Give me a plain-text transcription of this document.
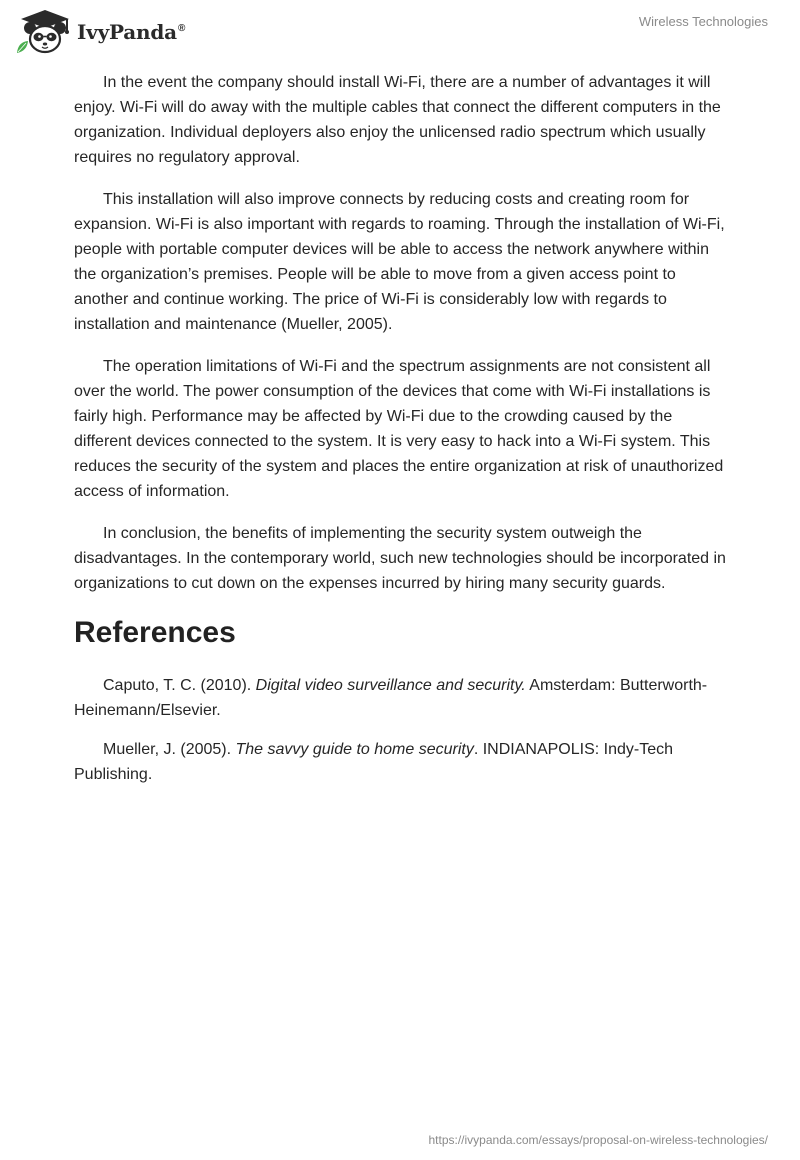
IvyPanda®	Wireless Technologies

In the event the company should install Wi-Fi, there are a number of advantages it will enjoy. Wi-Fi will do away with the multiple cables that connect the different computers in the organization. Individual deployers also enjoy the unlicensed radio spectrum which usually requires no regulatory approval.

This installation will also improve connects by reducing costs and creating room for expansion. Wi-Fi is also important with regards to roaming. Through the installation of Wi-Fi, people with portable computer devices will be able to access the network anywhere within the organization’s premises. People will be able to move from a given access point to another and continue working. The price of Wi-Fi is considerably low with regards to installation and maintenance (Mueller, 2005).

The operation limitations of Wi-Fi and the spectrum assignments are not consistent all over the world. The power consumption of the devices that come with Wi-Fi installations is fairly high. Performance may be affected by Wi-Fi due to the crowding caused by the different devices connected to the system. It is very easy to hack into a Wi-Fi system. This reduces the security of the system and places the entire organization at risk of unauthorized access of information.

In conclusion, the benefits of implementing the security system outweigh the disadvantages. In the contemporary world, such new technologies should be incorporated in organizations to cut down on the expenses incurred by hiring many security guards.

References

Caputo, T. C. (2010). Digital video surveillance and security. Amsterdam: Butterworth-Heinemann/Elsevier.

Mueller, J. (2005). The savvy guide to home security. INDIANAPOLIS: Indy-Tech Publishing.

https://ivypanda.com/essays/proposal-on-wireless-technologies/
